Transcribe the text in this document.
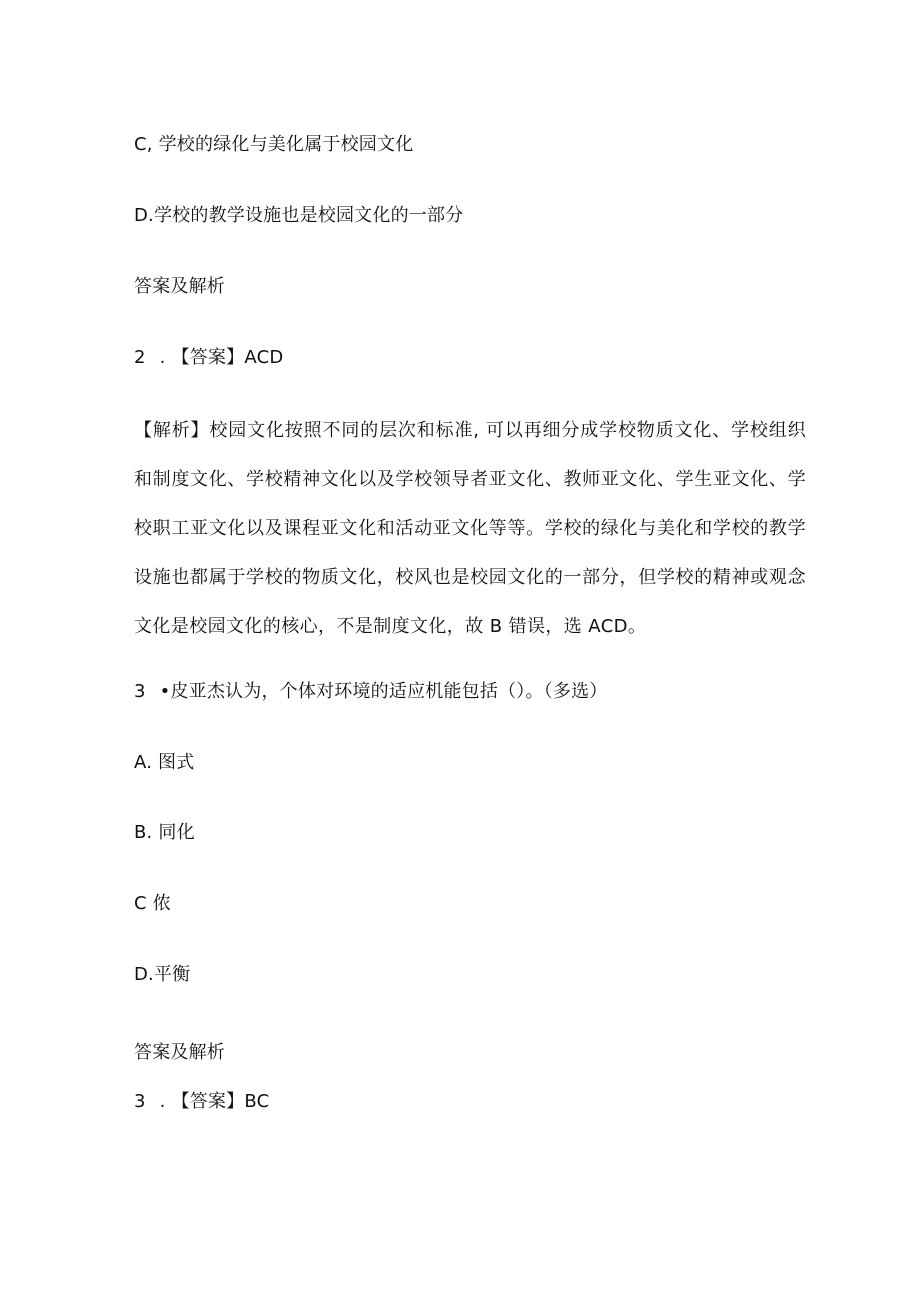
C, 学校的绿化与美化属于校园文化
D.学校的教学设施也是校园文化的一部分
答案及解析
2 . 【答案】ACD
【解析】校园文化按照不同的层次和标准, 可以再细分成学校物质文化、学校组织和制度文化、学校精神文化以及学校领导者亚文化、教师亚文化、学生亚文化、学校职工亚文化以及课程亚文化和活动亚文化等等。学校的绿化与美化和学校的教学设施也都属于学校的物质文化，校风也是校园文化的一部分，但学校的精神或观念文化是校园文化的核心，不是制度文化，故 B 错误，选 ACD。
3 •皮亚杰认为，个体对环境的适应机能包括（）。（多选）
A. 图式
B. 同化
C 侬
D.平衡
答案及解析
3 . 【答案】BC
